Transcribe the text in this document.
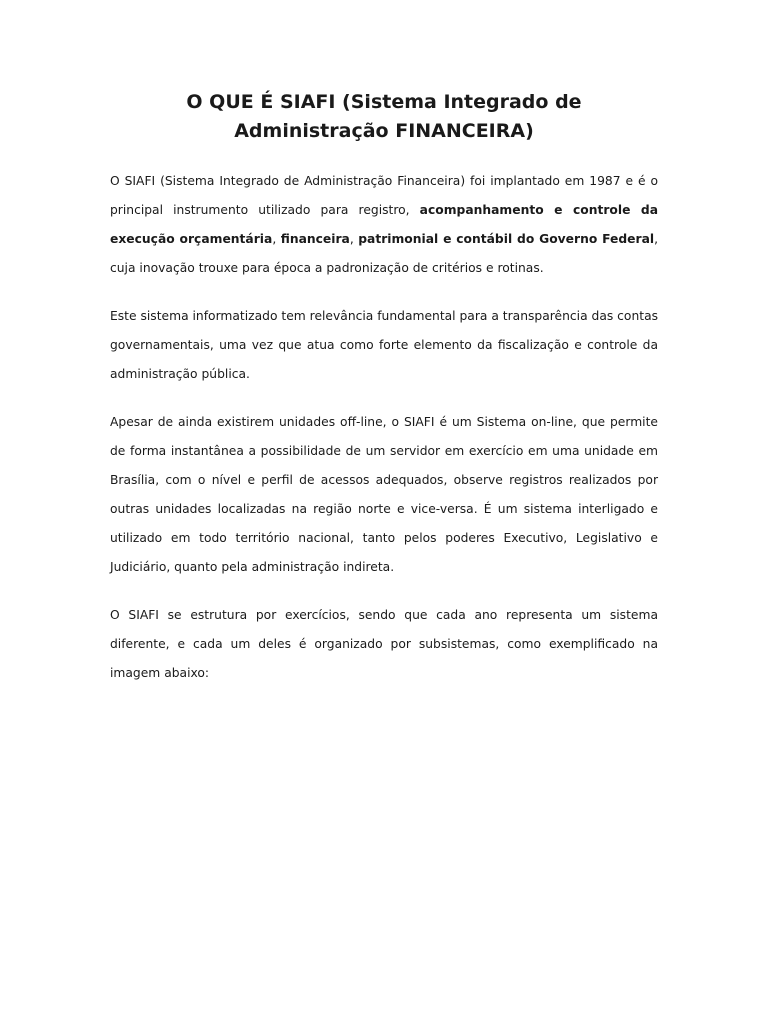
O QUE É SIAFI (Sistema Integrado de Administração FINANCEIRA)

O SIAFI (Sistema Integrado de Administração Financeira) foi implantado em 1987 e é o principal instrumento utilizado para registro, acompanhamento e controle da execução orçamentária, financeira, patrimonial e contábil do Governo Federal, cuja inovação trouxe para época a padronização de critérios e rotinas.

Este sistema informatizado tem relevância fundamental para a transparência das contas governamentais, uma vez que atua como forte elemento da fiscalização e controle da administração pública.

Apesar de ainda existirem unidades off-line, o SIAFI é um Sistema on-line, que permite de forma instantânea a possibilidade de um servidor em exercício em uma unidade em Brasília, com o nível e perfil de acessos adequados, observe registros realizados por outras unidades localizadas na região norte e vice-versa. É um sistema interligado e utilizado em todo território nacional, tanto pelos poderes Executivo, Legislativo e Judiciário, quanto pela administração indireta.

O SIAFI se estrutura por exercícios, sendo que cada ano representa um sistema diferente, e cada um deles é organizado por subsistemas, como exemplificado na imagem abaixo:
